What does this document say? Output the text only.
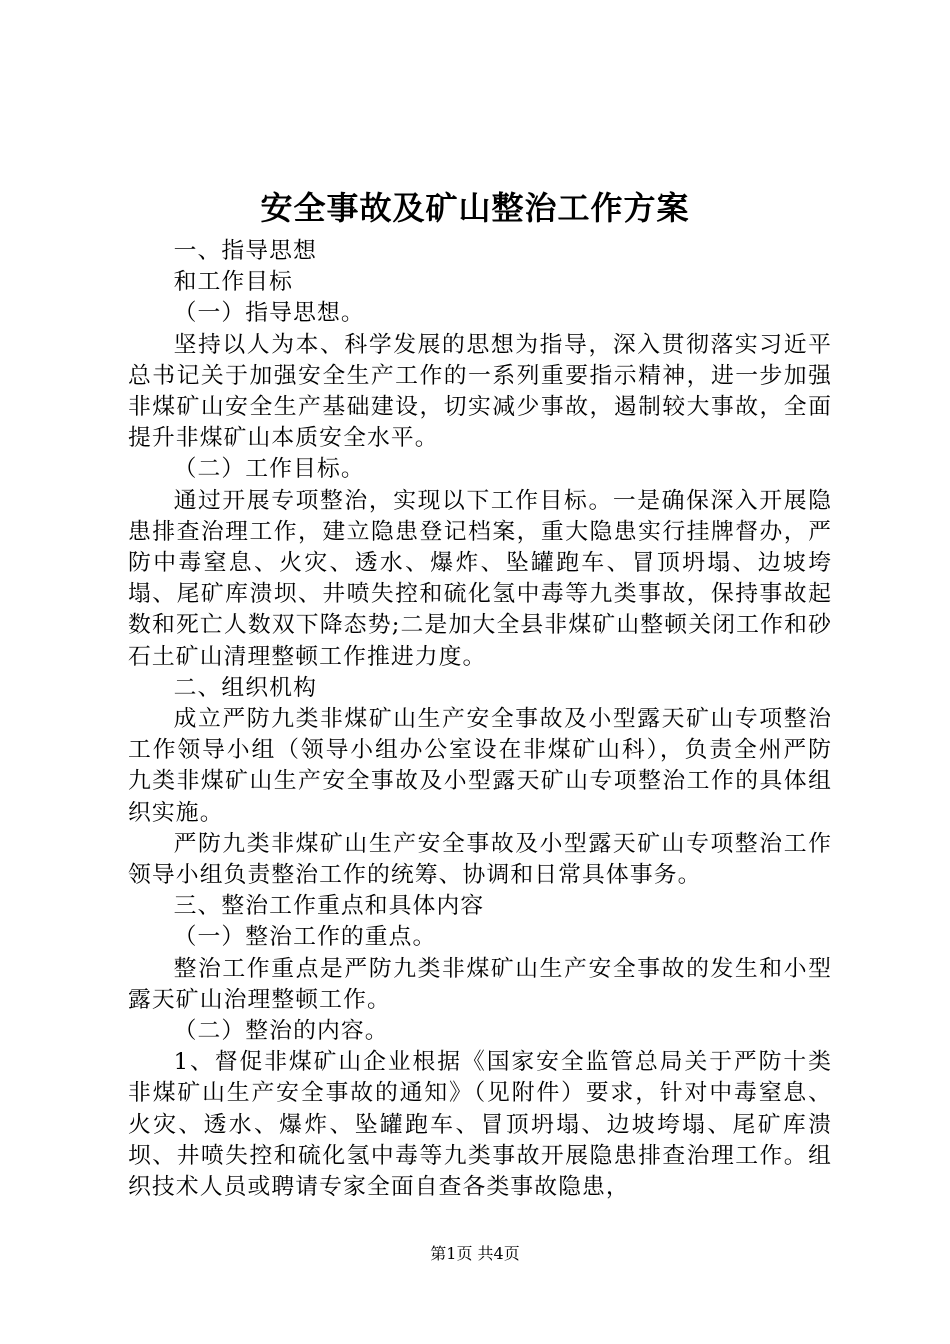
安全事故及矿山整治工作方案

一、指导思想

和工作目标

（一）指导思想。

坚持以人为本、科学发展的思想为指导，深入贯彻落实习近平总书记关于加强安全生产工作的一系列重要指示精神，进一步加强非煤矿山安全生产基础建设，切实减少事故，遏制较大事故，全面提升非煤矿山本质安全水平。

（二）工作目标。

通过开展专项整治，实现以下工作目标。一是确保深入开展隐患排查治理工作，建立隐患登记档案，重大隐患实行挂牌督办，严防中毒窒息、火灾、透水、爆炸、坠罐跑车、冒顶坍塌、边坡垮塌、尾矿库溃坝、井喷失控和硫化氢中毒等九类事故，保持事故起数和死亡人数双下降态势;二是加大全县非煤矿山整顿关闭工作和砂石土矿山清理整顿工作推进力度。

二、组织机构

成立严防九类非煤矿山生产安全事故及小型露天矿山专项整治工作领导小组（领导小组办公室设在非煤矿山科），负责全州严防九类非煤矿山生产安全事故及小型露天矿山专项整治工作的具体组织实施。

严防九类非煤矿山生产安全事故及小型露天矿山专项整治工作领导小组负责整治工作的统筹、协调和日常具体事务。

三、整治工作重点和具体内容

（一）整治工作的重点。

整治工作重点是严防九类非煤矿山生产安全事故的发生和小型露天矿山治理整顿工作。

（二）整治的内容。

1、督促非煤矿山企业根据《国家安全监管总局关于严防十类非煤矿山生产安全事故的通知》（见附件）要求，针对中毒窒息、火灾、透水、爆炸、坠罐跑车、冒顶坍塌、边坡垮塌、尾矿库溃坝、井喷失控和硫化氢中毒等九类事故开展隐患排查治理工作。组织技术人员或聘请专家全面自查各类事故隐患，

第1页 共4页
